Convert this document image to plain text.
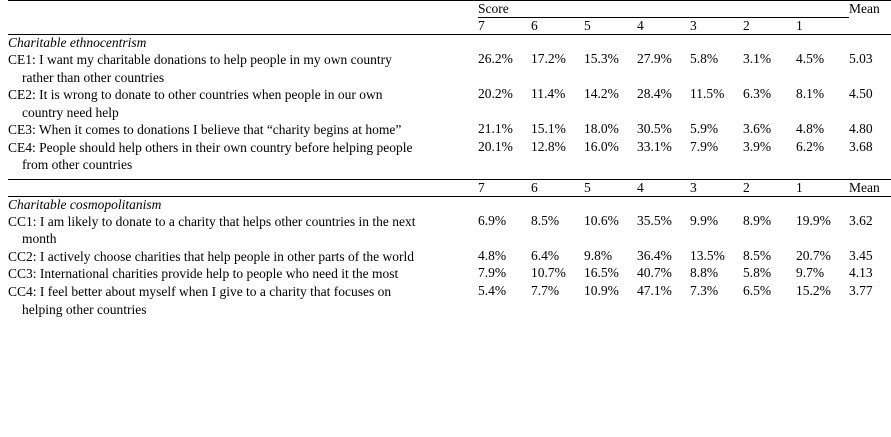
	Score							Mean
	7	6	5	4	3	2	1	

Charitable ethnocentrism								
CE1: I want my charitable donations to help people in my own country
rather than other countries	26.2%	17.2%	15.3%	27.9%	5.8%	3.1%	4.5%	5.03
CE2: It is wrong to donate to other countries when people in our own
country need help	20.2%	11.4%	14.2%	28.4%	11.5%	6.3%	8.1%	4.50
CE3: When it comes to donations I believe that “charity begins at home”	21.1%	15.1%	18.0%	30.5%	5.9%	3.6%	4.8%	4.80
CE4: People should help others in their own country before helping people
from other countries	20.1%	12.8%	16.0%	33.1%	7.9%	3.9%	6.2%	3.68

	7	6	5	4	3	2	1	Mean

Charitable cosmopolitanism								
CC1: I am likely to donate to a charity that helps other countries in the next
month	6.9%	8.5%	10.6%	35.5%	9.9%	8.9%	19.9%	3.62
CC2: I actively choose charities that help people in other parts of the world	4.8%	6.4%	9.8%	36.4%	13.5%	8.5%	20.7%	3.45
CC3: International charities provide help to people who need it the most	7.9%	10.7%	16.5%	40.7%	8.8%	5.8%	9.7%	4.13
CC4: I feel better about myself when I give to a charity that focuses on
helping other countries	5.4%	7.7%	10.9%	47.1%	7.3%	6.5%	15.2%	3.77
